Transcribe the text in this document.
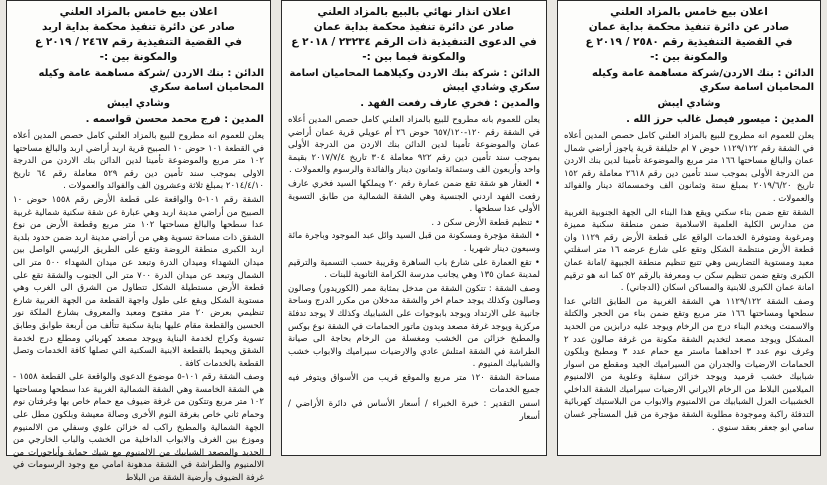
اعلان بيع خامس بالمزاد العلني
صادر عن دائرة تنفيذ محكمة بداية عمان
في القضية التنفيذية رقم ٢٥٨٠ / ٢٠١٩ ع
والمكونة بين :-
الدائن : بنك الاردن/شركة مساهمة عامة وكيله المحاميان اسامة سكري
وشادي ايبش
المدين : ميسور فيصل غالب حرز الله .

يعلن للعموم انه مطروح للبيع بالمزاد العلني كامل حصص المدين أعلاه في الشقة رقم ١١٢٩/١٢٢ حوض ٧ ام حليلفة قرية ياجوز أراضي شمال عمان والبالغ مساحتها ١٦٦ متر مربع والموضوعة تأمينا لدين بنك الاردن من الدرجة الأولى بموجب سند تأمين دين رقم ٢٦١٨ معاملة رقم ١٥٢ تاريخ ٢٠١٩/٦/٢٠ بمبلغ ستة وثمانون الف وخمسمائة دينار والفوائد والعمولات .

الشقة تقع ضمن بناء سكني ويقع هذا البناء الى الجهة الجنوبية الغربية من مدارس الكلية العلمية الاسلامية ضمن منطقة سكنية مميزة ومرغوبة ومتوفرة الخدمات الواقع على قطعة الأرض رقم ١١٢٩ وان قطعة الأرض منتظمة الشكل وتقع على شارع عرضه ١٦ متر اسفلتي معبد ومستوية التضاريس وهي تتبع تنظيم منطقة الجبيهة /امانة عمان الكبرى وتقع ضمن تنظيم سكن ب ومعرفة بالرقم ٥٢ كما انه هو ترقيم امانة عمان الكبرى للابنية والمساكن اسكان (الدجاني) .

وصف الشقة ١١٢٩/١٢٢ هي الشقة الغربية من الطابق الثاني عدا سطحها ومساحتها ١٦٦ متر مربع وتقع ضمن بناء من الحجر والكتلة والاسمنت ويخدم البناء درج من الرخام ويوجد عليه درابزين من الحديد المشكل ويوجد مصعد لتخديم الشقة مكونة من غرفة صالون عدد ٢ وغرف نوم عدد ٣ احداهما ماستر مع حمام عدد ٣ ومطبخ وبلكون الحمامات الارضيات والجدران من السيراميك الجيد ومقطع من اسوار شبابيك خشب قرميد ويوجد خزائن سفلية وعلوية من الالمنيوم الميلامين البلاط من الرخام الايراني الارضيات سيراميك الشقة الداخلي الخشبيات العزل الشبابيك من الالمنيوم والابواب من البلاستيك كهربائية التدفئة راكبة وموجودة مطلوبة الشقة مؤجرة من قبل المستأجر غسان سامي ابو جعفر بعقد سنوي .

اعلان انذار نهائي بالبيع بالمزاد العلني
صادر عن دائرة تنفيذ محكمة بداية عمان
في الدعوى التنفيذية ذات الرقم ٢٣٢٣٤ / ٢٠١٨ ع
والمكونة فيما بين :-
الدائن : شركة بنك الاردن وكيلاهما المحاميان اسامة سكري وشادي ايبش
والمدين : فخري عارف رفعت الفهد .

يعلن للعموم بانه مطروح للبيع بالمزاد العلني كامل حصص المدين أعلاه في الشقة رقم ١٢٠-٦٥٧/١٢٠ حوض ٢٦ أم عويلي قرية عمان أراضي عمان والموضوعة تأمينا لدين الدائن بنك الاردن من الدرجة الأولى بموجب سند تأمين دين رقم ٩٢٢ معاملة ٣٠٤ تاريخ ٢٠١٧/٧/٤ بقيمة واحد وأربعون الف وستمائة وثمانون دينار والفائدة والرسوم والعمولات .

• العقار هو شقة تقع ضمن عمارة رقم ٢٠ ويملكها السيد فخري عارف رفعت الفهد اردني الجنسية وهي الشقة الشمالية من طابق التسوية الأولى عدا سطحها .

• تنظيم قطعة الأرض سكن د .

• الشقة مؤجرة ومسكونة من قبل السيد وائل عبد الموجود وباجرة مائة وسبعون دينار شهريا .

• تقع العمارة على شارع باب الساهرة وقريبة حسب التسمية والترقيم لمدينة عمان ١٣٥ وهي يجانب مدرسة الكرامة الثانوية للبنات .

وصف الشقة : تتكون الشقة من مدخل بمثابة ممر (الكوريدور) وصالون وصالون وكذلك يوجد حمام اخر والشقة مدخلان من مكرر الدرج وساحة جانبية على الارتداد ويوجد بابوجوات على الشبابيك وكذلك لا يوجد تدفئة مركزية ويوجد غرفة مصعد وبدون ماتور الحمامات في الشقة نوع بوكس والمطبخ خزائن من الخشب ومغسلة من الرخام بحاجة الى صيانة الطراشة في الشقة امتلش عادي والارضيات سيراميك والابواب خشب والشبابيك المنيوم .

مساحة الشقة ١٢٠ متر مربع والموقع قريب من الأسواق ويتوفر فيه جميع الخدمات

اسس التقدير : خبرة الخبراء / أسعار الأساس في دائرة الأراضي / أسعار

اعلان بيع خامس بالمزاد العلني
صادر عن دائرة تنفيذ محكمة بداية اربد
في القضية التنفيذية رقم ٢٤٦٧ / ٢٠١٩ ع
والمكونة بين :-
الدائن : بنك الاردن /شركة مساهمة عامة وكيله المحاميان اسامة سكري
وشادي ايبش
المدين : فرج محمد محسن قواسمه .

يعلن للعموم انه مطروح للبيع بالمزاد العلني كامل حصص المدين أعلاه في القطعة ١٠١ حوض ١٠ الصبيح قرية اربد أراضي اربد والبالغ مساحتها ١٠٢ متر مربع والموضوعة تأمينا لدين الدائن بنك الاردن من الدرجة الاولى بموجب سند تأمين دين رقم ٥٢٩ معاملة رقم ٦٤ تاريخ ٢٠١٤/٤/١٠ بمبلغ ثلاثة وعشرون الف والفوائد والعمولات .

الشقة رقم ١٠١-٥ والواقعة على قطعة الأرض رقم ١٥٥٨ حوض ١٠ الصبيح من أراضي مدينة اربد وهي عبارة عن شقة سكنية شمالية غربية عدا سطحها والبالغ مساحتها ١٠٢ متر مربع وقطعة الأرض من نوع الشقق ذات مساحة تسوية وهي من أراضي مدينة اربد ضمن حدود بلدية اربد الكبرى منطقة الروضة وتقع على الطريق الرئيسي الواصل بين ميدان الشهداء وميدان الدرة وتبعد عن ميدان الشهداء ٥٠٠ متر الى الشمال وتبعد عن ميدان الدرة ٧٠٠ متر الى الجنوب والشقة تقع على قطعة الأرض مستطيلة الشكل تتطاول من الشرق الى الغرب وهي مستوية الشكل ويقع على طول واجهة القطعة من الجهة الغربية شارع تنظيمي بعرض ٢٠ متر مفتوح ومعبد والمعروف بشارع الملكة نور الحسين والقطعة مقام عليها بناية سكنية تتألف من أربعة طوابق وطابق تسوية وكراج لخدمة البناية ويوجد مصعد كهربائي ومطلع درج لخدمة الشقق ويحيط بالقطعة الابنية السكنية التي تصلها كافة الخدمات وتصل القطعة بالخدمات كافة .

وصف الشقة رقم ١٠١-٥ موضوع الدعوى والواقعة على القطعة ١٥٥٨ - هي الشقة الخامسة وهي الشقة الشمالية الغربية عدا سطحها ومساحتها ١٠٢ متر مربع وتتكون من غرفة ضيوف مع حمام خاص بها وغرفتان نوم وحمام ثاني خاص بغرفة النوم الأخرى وصالة معيشة وبلكون مطل على الجهة الشمالية والمطبخ راكب له خزائن علوي وسفلي من الالمنيوم وموزع بين الغرف والابواب الداخلية من الخشب والباب الخارجي من الحديد والمصعد الشبابيك من الالمنيوم مع شيك حماية وأباجورات من الالمنيوم والطراشة في الشقة مدهونة امامي مع وجود الرسومات في غرفة الضيوف وأرضية الشقة من البلاط
